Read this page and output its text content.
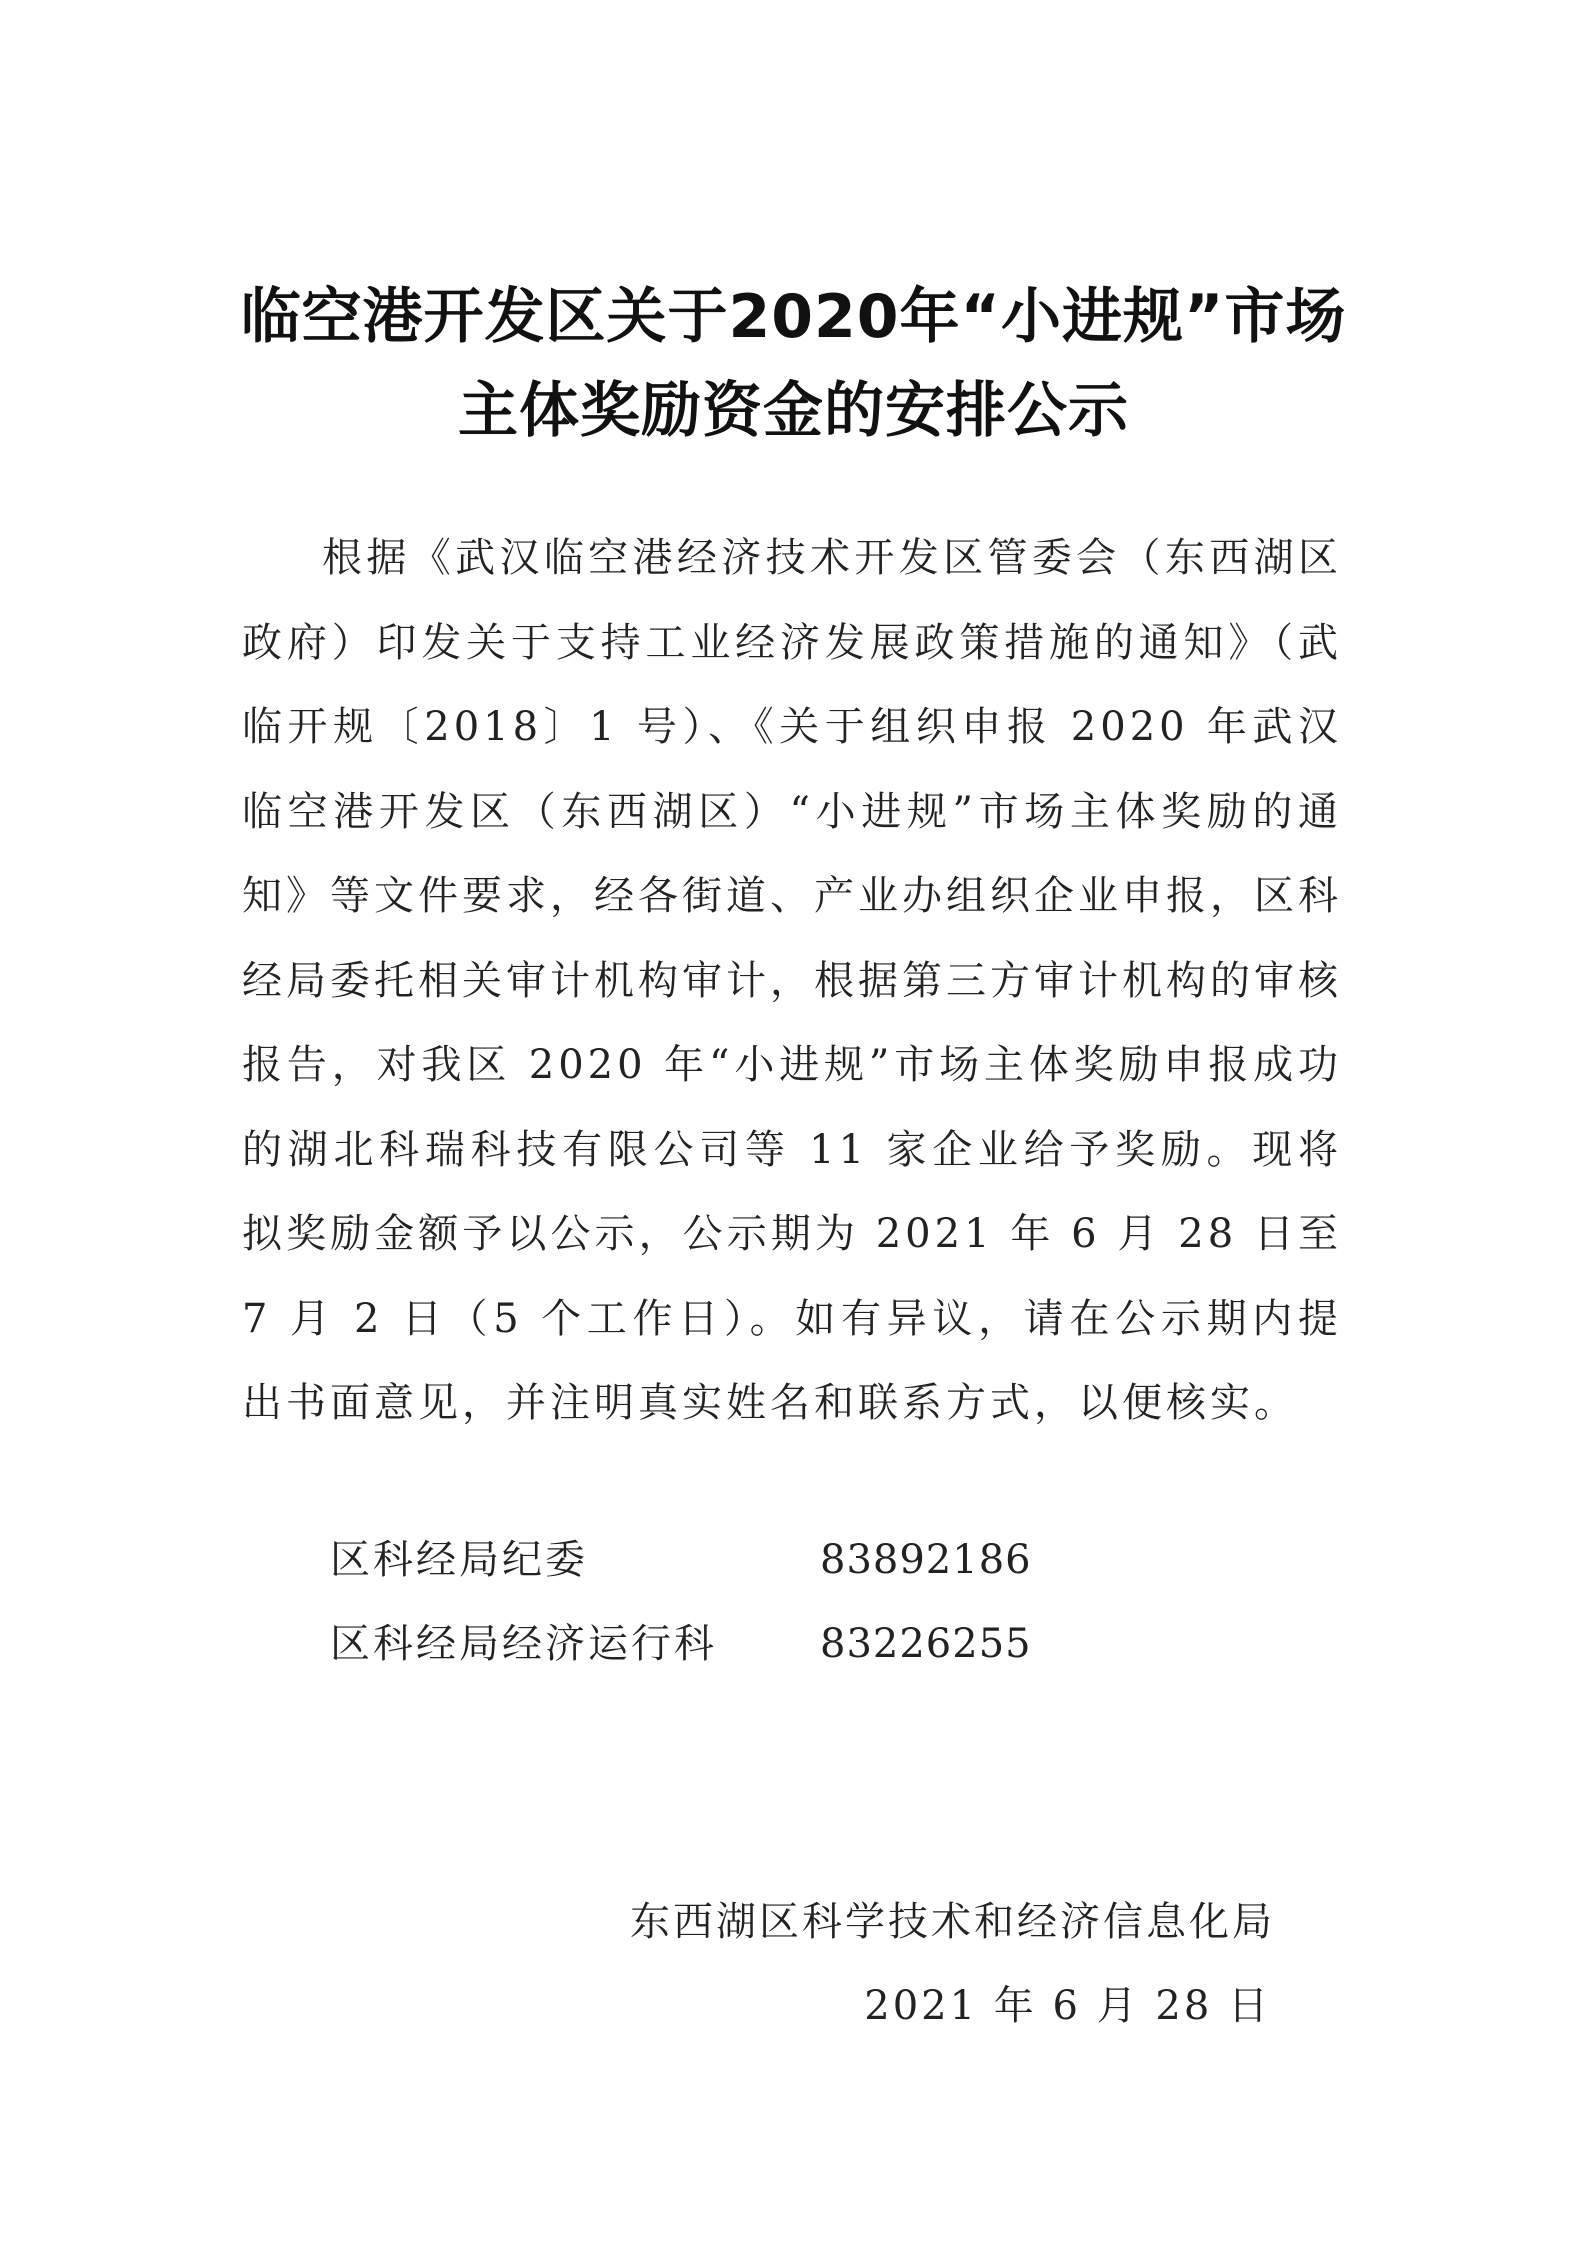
临空港开发区关于2020年“小进规”市场
主体奖励资金的安排公示

根据《武汉临空港经济技术开发区管委会（东西湖区政府）印发关于支持工业经济发展政策措施的通知》（武临开规〔2018〕1 号）、《关于组织申报 2020 年武汉临空港开发区（东西湖区）“小进规”市场主体奖励的通知》等文件要求，经各街道、产业办组织企业申报，区科经局委托相关审计机构审计，根据第三方审计机构的审核报告，对我区 2020 年“小进规”市场主体奖励申报成功的湖北科瑞科技有限公司等 11 家企业给予奖励。现将拟奖励金额予以公示，公示期为 2021 年 6 月 28 日至 7 月 2 日（5 个工作日）。如有异议，请在公示期内提出书面意见，并注明真实姓名和联系方式，以便核实。

区科经局纪委	83892186
区科经局经济运行科	83226255
东西湖区科学技术和经济信息化局
2021 年 6 月 28 日
